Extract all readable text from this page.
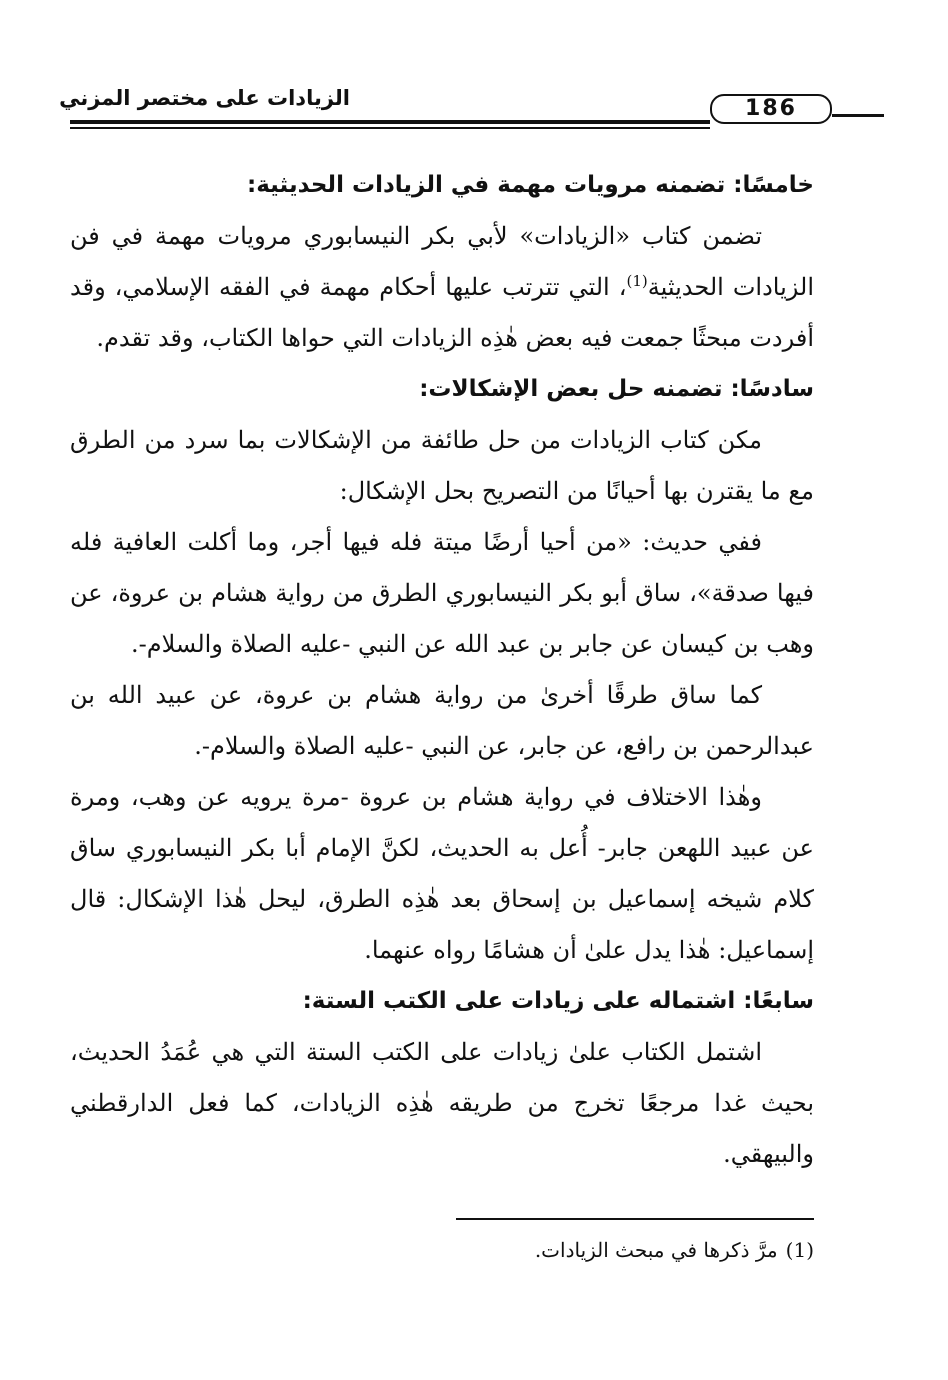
الزيادات على مختصر المزني	186
خامسًا: تضمنه مرويات مهمة في الزيادات الحديثية:

تضمن كتاب «الزيادات» لأبي بكر النيسابوري مرويات مهمة في فن الزيادات الحديثية$^{(1)}$، التي تترتب عليها أحكام مهمة في الفقه الإسلامي، وقد أفردت مبحثًا جمعت فيه بعض هٰذِه الزيادات التي حواها الكتاب، وقد تقدم.

سادسًا: تضمنه حل بعض الإشكالات:

مكن كتاب الزيادات من حل طائفة من الإشكالات بما سرد من الطرق مع ما يقترن بها أحيانًا من التصريح بحل الإشكال:

ففي حديث: «من أحيا أرضًا ميتة فله فيها أجر، وما أكلت العافية فله فيها صدقة»، ساق أبو بكر النيسابوري الطرق من رواية هشام بن عروة، عن وهب بن كيسان عن جابر بن عبد الله عن النبي -عليه الصلاة والسلام-.

كما ساق طرقًا أخرىٰ من رواية هشام بن عروة، عن عبيد الله بن عبدالرحمن بن رافع، عن جابر، عن النبي -عليه الصلاة والسلام-.

وهٰذا الاختلاف في رواية هشام بن عروة -مرة يرويه عن وهب، ومرة عن عبيد اللهعن جابر- أُعل به الحديث، لكنَّ الإمام أبا بكر النيسابوري ساق كلام شيخه إسماعيل بن إسحاق بعد هٰذِه الطرق، ليحل هٰذا الإشكال: قال إسماعيل: هٰذا يدل علىٰ أن هشامًا رواه عنهما.

سابعًا: اشتماله على زيادات على الكتب الستة:

اشتمل الكتاب علىٰ زيادات على الكتب الستة التي هي عُمَدُ الحديث، بحيث غدا مرجعًا تخرج من طريقه هٰذِه الزيادات، كما فعل الدارقطني والبيهقي.

(1)مرَّ ذكرها في مبحث الزيادات.
